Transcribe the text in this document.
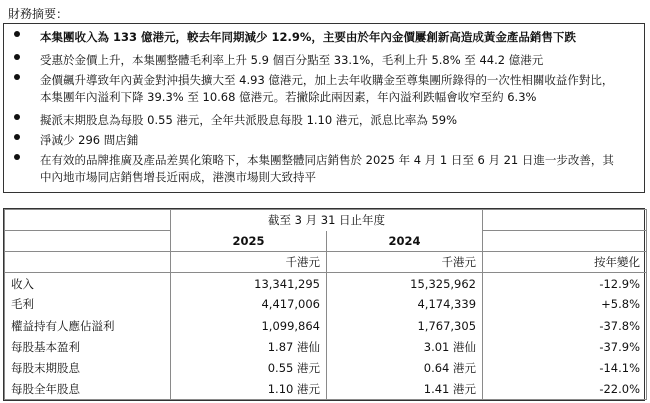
財務摘要：
本集團收入為 133 億港元，較去年同期減少 12.9%，主要由於年內金價屢創新高造成黃金產品銷售下跌
受惠於金價上升，本集團整體毛利率上升 5.9 個百分點至 33.1%，毛利上升 5.8% 至 44.2 億港元
金價飆升導致年內黃金對沖損失擴大至 4.93 億港元，加上去年收購金至尊集團所錄得的一次性相關收益作對比，
本集團年內溢利下降 39.3% 至 10.68 億港元。若撇除此兩因素，年內溢利跌幅會收窄至約 6.3%
擬派末期股息為每股 0.55 港元，全年共派股息每股 1.10 港元，派息比率為 59%
淨減少 296 間店鋪
在有效的品牌推廣及產品差異化策略下，本集團整體同店銷售於 2025 年 4 月 1 日至 6 月 21 日進一步改善，其
中內地市場同店銷售增長近兩成，港澳市場則大致持平
	截至 3 月 31 日止年度		
	2025	2024	
	千港元	千港元	按年變化
收入	13,341,295	15,325,962	-12.9%
毛利	4,417,006	4,174,339	+5.8%
權益持有人應佔溢利	1,099,864	1,767,305	-37.8%
每股基本盈利	1.87 港仙	3.01 港仙	-37.9%
每股末期股息	0.55 港元	0.64 港元	-14.1%
每股全年股息	1.10 港元	1.41 港元	-22.0%
